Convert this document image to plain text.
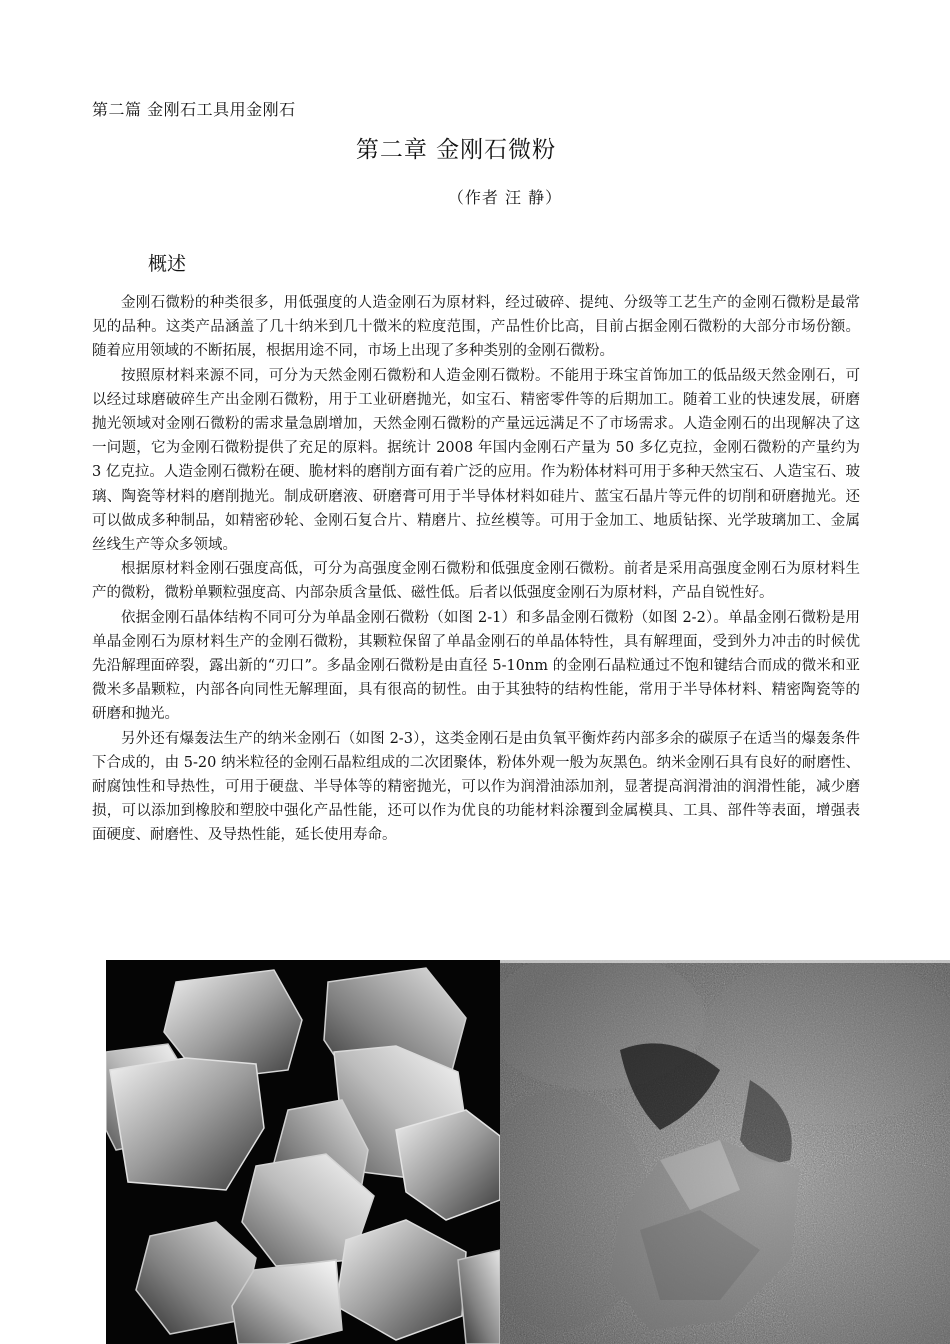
第二篇 金刚石工具用金刚石
第二章 金刚石微粉
（作者 汪 静）
概述

金刚石微粉的种类很多，用低强度的人造金刚石为原材料，经过破碎、提纯、分级等工艺生产的金刚石微粉是最常见的品种。这类产品涵盖了几十纳米到几十微米的粒度范围，产品性价比高，目前占据金刚石微粉的大部分市场份额。随着应用领域的不断拓展，根据用途不同，市场上出现了多种类别的金刚石微粉。

按照原材料来源不同，可分为天然金刚石微粉和人造金刚石微粉。不能用于珠宝首饰加工的低品级天然金刚石，可以经过球磨破碎生产出金刚石微粉，用于工业研磨抛光，如宝石、精密零件等的后期加工。随着工业的快速发展，研磨抛光领域对金刚石微粉的需求量急剧增加，天然金刚石微粉的产量远远满足不了市场需求。人造金刚石的出现解决了这一问题，它为金刚石微粉提供了充足的原料。据统计 2008 年国内金刚石产量为 50 多亿克拉，金刚石微粉的产量约为 3 亿克拉。人造金刚石微粉在硬、脆材料的磨削方面有着广泛的应用。作为粉体材料可用于多种天然宝石、人造宝石、玻璃、陶瓷等材料的磨削抛光。制成研磨液、研磨膏可用于半导体材料如硅片、蓝宝石晶片等元件的切削和研磨抛光。还可以做成多种制品，如精密砂轮、金刚石复合片、精磨片、拉丝模等。可用于金加工、地质钻探、光学玻璃加工、金属丝线生产等众多领域。

根据原材料金刚石强度高低，可分为高强度金刚石微粉和低强度金刚石微粉。前者是采用高强度金刚石为原材料生产的微粉，微粉单颗粒强度高、内部杂质含量低、磁性低。后者以低强度金刚石为原材料，产品自锐性好。

依据金刚石晶体结构不同可分为单晶金刚石微粉（如图 2-1）和多晶金刚石微粉（如图 2-2）。单晶金刚石微粉是用单晶金刚石为原材料生产的金刚石微粉，其颗粒保留了单晶金刚石的单晶体特性，具有解理面，受到外力冲击的时候优先沿解理面碎裂，露出新的“刃口”。多晶金刚石微粉是由直径 5-10nm 的金刚石晶粒通过不饱和键结合而成的微米和亚微米多晶颗粒，内部各向同性无解理面，具有很高的韧性。由于其独特的结构性能，常用于半导体材料、精密陶瓷等的研磨和抛光。

另外还有爆轰法生产的纳米金刚石（如图 2-3），这类金刚石是由负氧平衡炸药内部多余的碳原子在适当的爆轰条件下合成的，由 5-20 纳米粒径的金刚石晶粒组成的二次团聚体，粉体外观一般为灰黑色。纳米金刚石具有良好的耐磨性、耐腐蚀性和导热性，可用于硬盘、半导体等的精密抛光，可以作为润滑油添加剂，显著提高润滑油的润滑性能，减少磨损，可以添加到橡胶和塑胶中强化产品性能，还可以作为优良的功能材料涂覆到金属模具、工具、部件等表面，增强表面硬度、耐磨性、及导热性能，延长使用寿命。
